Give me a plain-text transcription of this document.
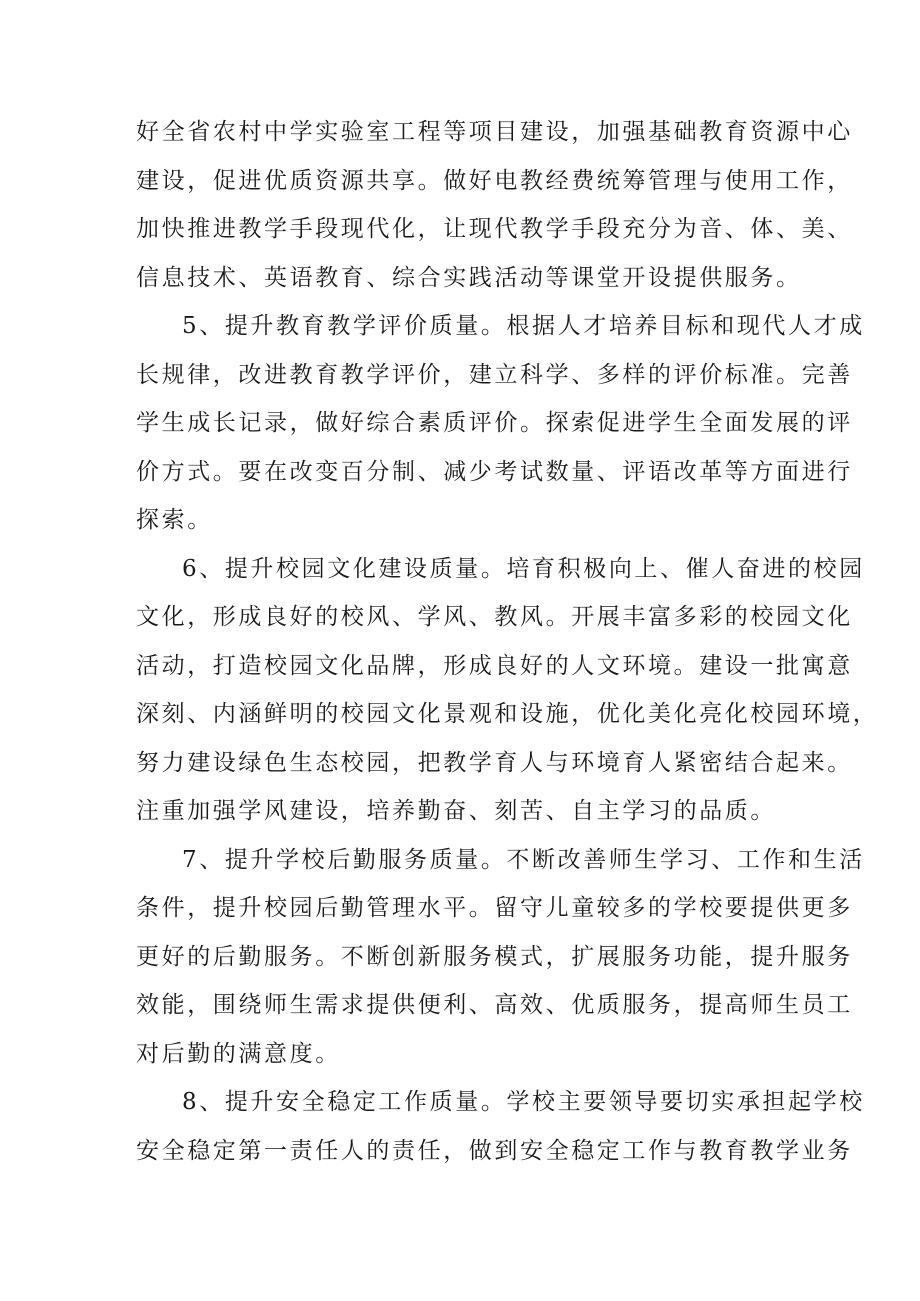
好全省农村中学实验室工程等项目建设，加强基础教育资源中心
建设，促进优质资源共享。做好电教经费统筹管理与使用工作，
加快推进教学手段现代化，让现代教学手段充分为音、体、美、
信息技术、英语教育、综合实践活动等课堂开设提供服务。
5、提升教育教学评价质量。根据人才培养目标和现代人才成
长规律，改进教育教学评价，建立科学、多样的评价标准。完善
学生成长记录，做好综合素质评价。探索促进学生全面发展的评
价方式。要在改变百分制、减少考试数量、评语改革等方面进行
探索。
6、提升校园文化建设质量。培育积极向上、催人奋进的校园
文化，形成良好的校风、学风、教风。开展丰富多彩的校园文化
活动，打造校园文化品牌，形成良好的人文环境。建设一批寓意
深刻、内涵鲜明的校园文化景观和设施，优化美化亮化校园环境，
努力建设绿色生态校园，把教学育人与环境育人紧密结合起来。
注重加强学风建设，培养勤奋、刻苦、自主学习的品质。
7、提升学校后勤服务质量。不断改善师生学习、工作和生活
条件，提升校园后勤管理水平。留守儿童较多的学校要提供更多
更好的后勤服务。不断创新服务模式，扩展服务功能，提升服务
效能，围绕师生需求提供便利、高效、优质服务，提高师生员工
对后勤的满意度。
8、提升安全稳定工作质量。学校主要领导要切实承担起学校
安全稳定第一责任人的责任，做到安全稳定工作与教育教学业务
